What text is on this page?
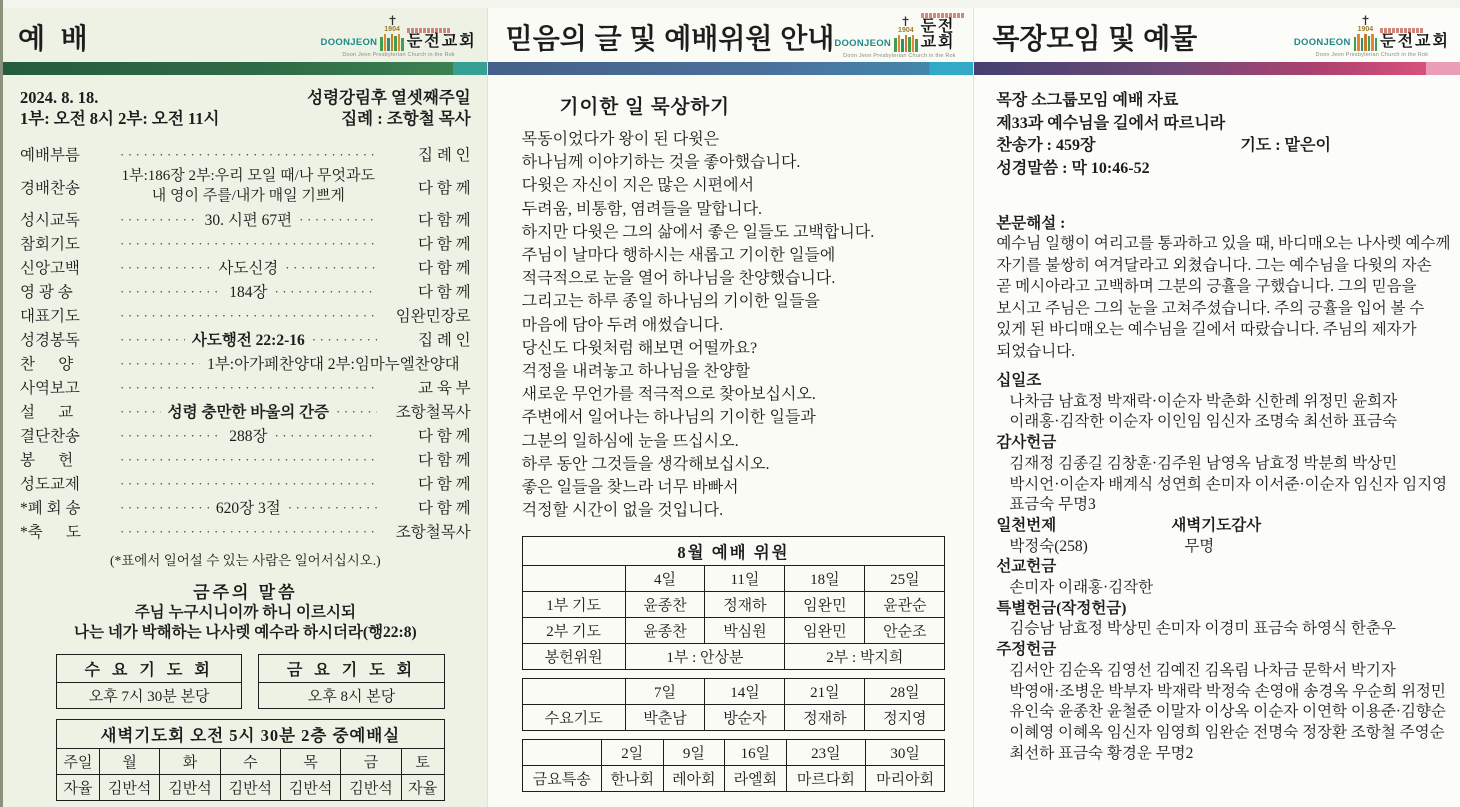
예  배	DOONJEON
1904
둔전교회
Doon Jeon Presbyterian Church in the Rok
2024. 8. 18.
1부: 오전 8시 2부: 오전 11시
성령강림후 열셋째주일
집례 : 조항철 목사
예배부름 ·····	집 례 인
경배찬송
1부:186장 2부:우리 모일 때/나 무엇과도
내 영이 주를/내가 매일 기쁘게	다 함 께
성시교독 ·····	30. 시편 67편 ·····	다 함 께
참회기도 ·····	다 함 께
신앙고백 ·····	사도신경 ·····	다 함 께
영 광 송 ·····	184장 ·····	다 함 께
대표기도 ·····	임완민장로
성경봉독 ·····	사도행전 22:2-16 ·····	집 례 인
찬      양 ·····	1부:아가페찬양대 2부:임마누엘찬양대
사역보고 ·····	교 육 부
설      교 ·····	성령 충만한 바울의 간증 ·····	조항철목사
결단찬송 ·····	288장 ·····	다 함 께
봉      헌 ·····	다 함 께
성도교제 ·····	다 함 께
*폐 회 송 ·····	620장 3절 ·····	다 함 께
*축      도 ·····	조항철목사
(*표에서 일어설 수 있는 사람은 일어서십시오.)
금주의 말씀
주님 누구시니이까 하니 이르시되
나는 네가 박해하는 나사렛 예수라 하시더라(행22:8)
수 요 기 도 회
오후 7시 30분 본당
금 요 기 도 회
오후 8시 본당
새벽기도회 오전 5시 30분 2층 중예배실						
주일	월	화	수	목	금	토
자율	김반석	김반석	김반석	김반석	김반석	자율
믿음의 글 및 예배위원 안내 DOONJEON
1904 둔전교회
Doon Jeon Presbyterian Church in the Rok
기이한 일 묵상하기
목동이었다가 왕이 된 다윗은
하나님께 이야기하는 것을 좋아했습니다.
다윗은 자신이 지은 많은 시편에서
두려움, 비통함, 염려들을 말합니다.
하지만 다윗은 그의 삶에서 좋은 일들도 고백합니다.
주님이 날마다 행하시는 새롭고 기이한 일들에
적극적으로 눈을 열어 하나님을 찬양했습니다.
그리고는 하루 종일 하나님의 기이한 일들을
마음에 담아 두려 애썼습니다.
당신도 다윗처럼 해보면 어떨까요?
걱정을 내려놓고 하나님을 찬양할
새로운 무언가를 적극적으로 찾아보십시오.
주변에서 일어나는 하나님의 기이한 일들과
그분의 일하심에 눈을 뜨십시오.
하루 동안 그것들을 생각해보십시오.
좋은 일들을 찾느라 너무 바빠서
걱정할 시간이 없을 것입니다.
8월 예배 위원				
	4일	11일	18일	25일
1부 기도	윤종찬	정재하	임완민	윤관순
2부 기도	윤종찬	박심원	임완민	안순조
봉헌위원	1부 : 안상분		2부 : 박지희	
	7일	14일	21일	28일
수요기도	박춘남	방순자	정재하	정지영
	2일	9일	16일	23일	30일
금요특송	한나회	레아회	라엘회	마르다회	마리아회
목장모임 및 예물	DOONJEON
1904
둔전교회
Doon Jeon Presbyterian Church in the Rok
목장 소그룹모임 예배 자료
제33과 예수님을 길에서 따르니라
찬송가 : 459장	기도 : 맡은이
성경말씀 : 막 10:46-52
본문해설 :
예수님 일행이 여리고를 통과하고 있을 때, 바디매오는 나사렛 예수께
자기를 불쌍히 여겨달라고 외쳤습니다. 그는 예수님을 다윗의 자손
곧 메시아라고 고백하며 그분의 긍휼을 구했습니다. 그의 믿음을
보시고 주님은 그의 눈을 고쳐주셨습니다. 주의 긍휼을 입어 볼 수
있게 된 바디매오는 예수님을 길에서 따랐습니다. 주님의 제자가
되었습니다.
십일조
나차금 남효정 박재락·이순자 박춘화 신한례 위정민 윤희자
이래홍·김작한 이순자 이인임 임신자 조명숙 최선하 표금숙
감사헌금
김재정 김종길 김창훈·김주원 남영옥 남효정 박분희 박상민
박시언·이순자 배계식 성연희 손미자 이서준·이순자 임신자 임지영
표금숙 무명3
일천번제	새벽기도감사
박정숙(258)	무명
선교헌금
손미자 이래홍·김작한
특별헌금(작정헌금)
김승남 남효정 박상민 손미자 이경미 표금숙 하영식 한춘우
주정헌금
김서안 김순옥 김영선 김예진 김옥림 나차금 문학서 박기자
박영애·조병운 박부자 박재락 박정숙 손영애 송경옥 우순희 위정민
유인숙 윤종찬 윤철준 이말자 이상옥 이순자 이연학 이용준·김향순
이혜영 이혜옥 임신자 임영희 임완순 전명숙 정장환 조항철 주영순
최선하 표금숙 황경운 무명2
